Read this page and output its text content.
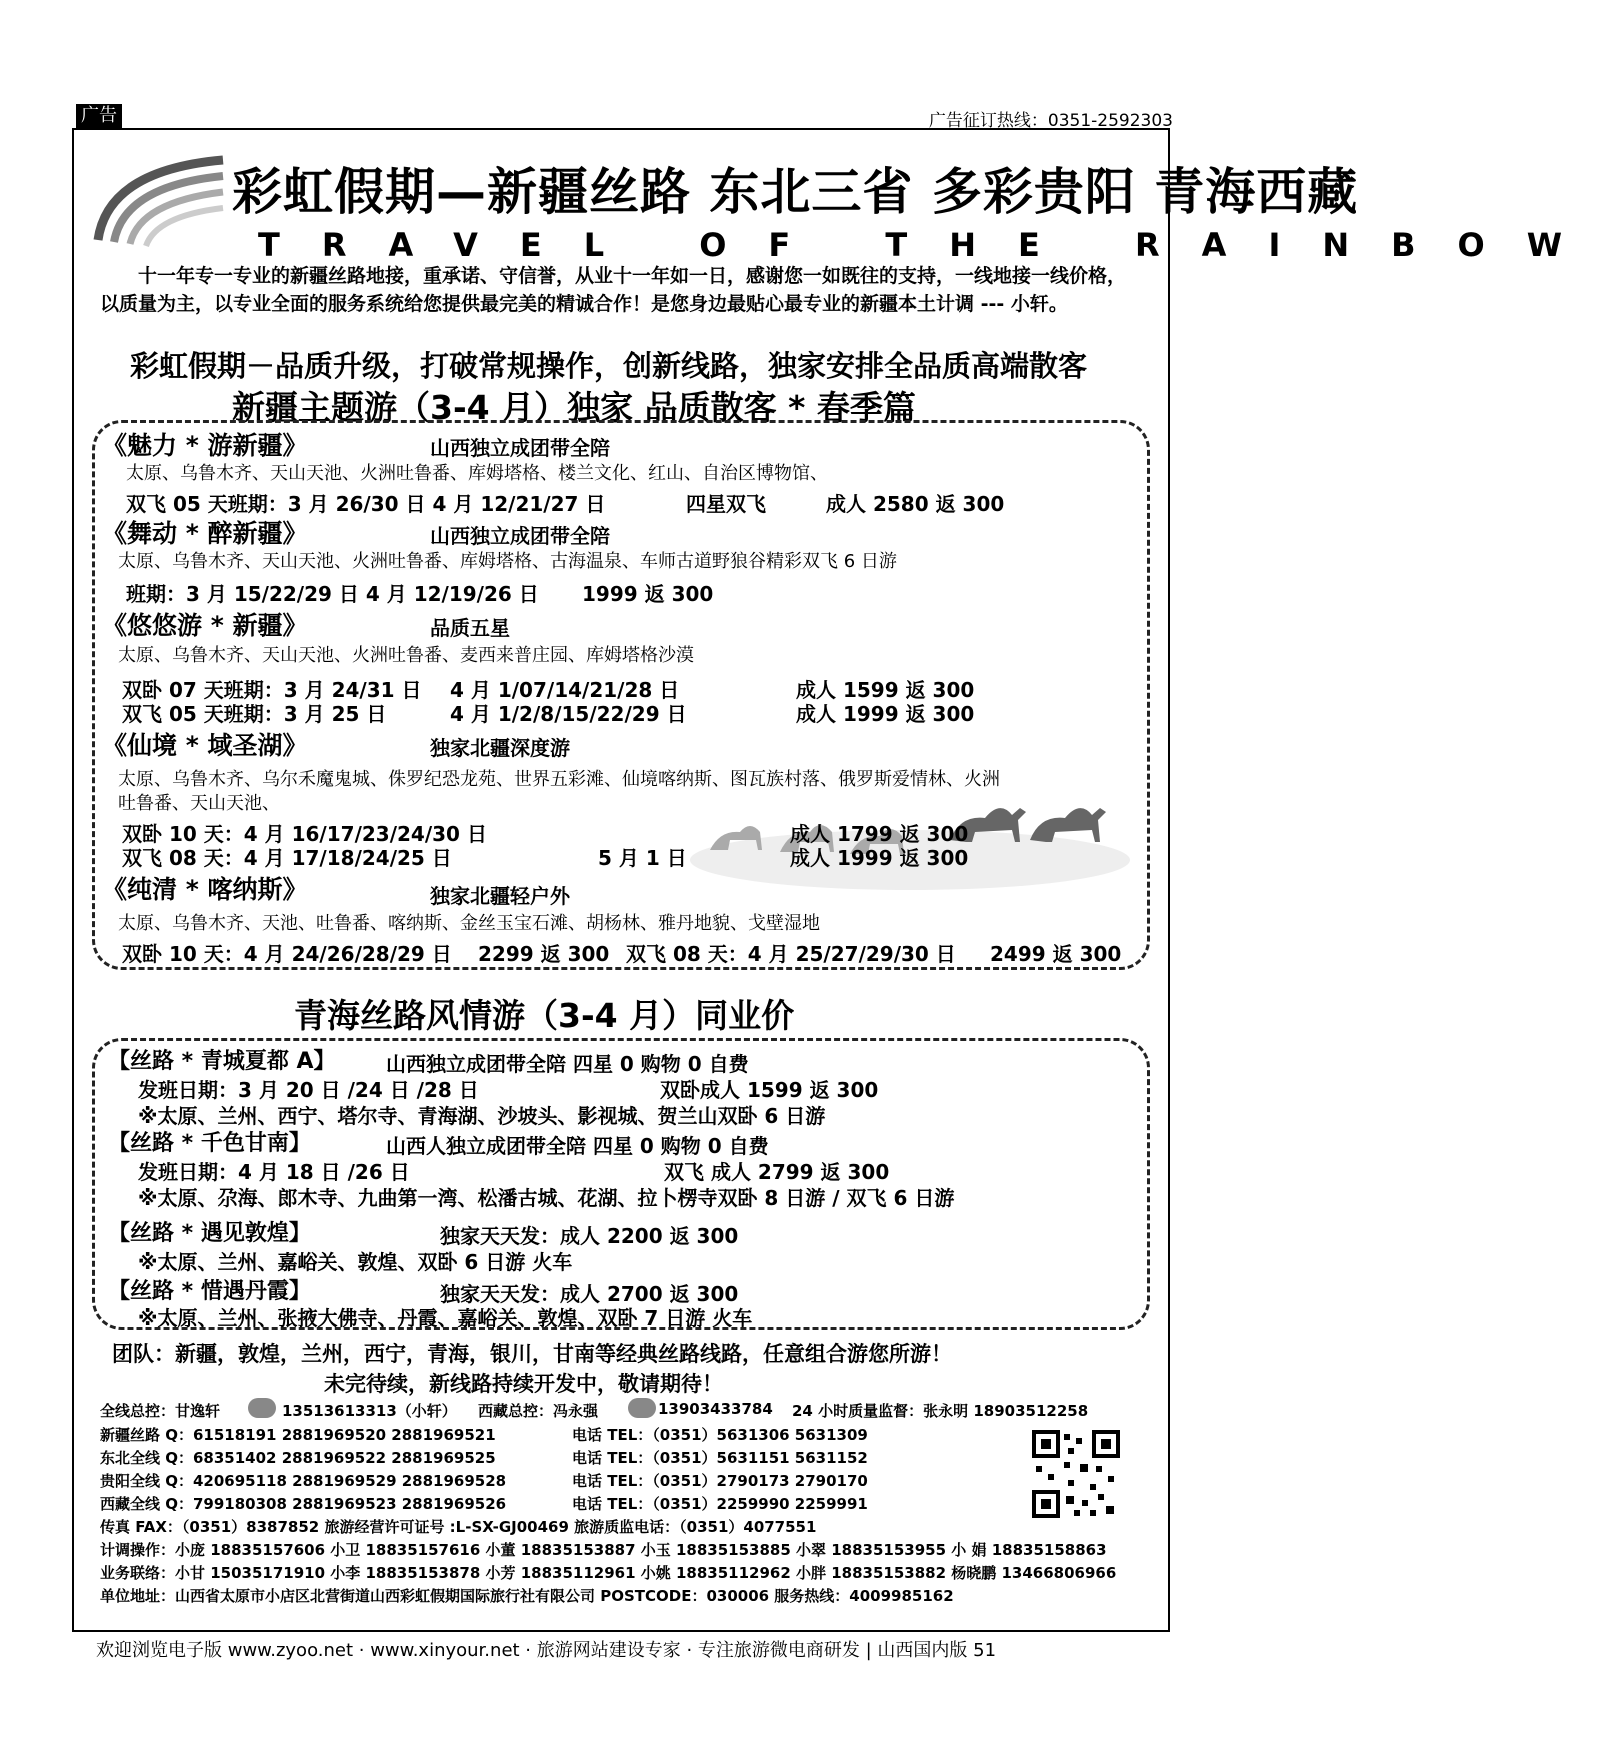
广告	广告征订热线：0351-2592303
彩虹假期—新疆丝路 东北三省 多彩贵阳 青海西藏
TRAVEL OF THE RAINBOW
十一年专一专业的新疆丝路地接，重承诺、守信誉，从业十一年如一日，感谢您一如既往的支持，一线地接一线价格，以质量为主，以专业全面的服务系统给您提供最完美的精诚合作！是您身边最贴心最专业的新疆本土计调 --- 小轩。
彩虹假期－品质升级，打破常规操作，创新线路，独家安排全品质高端散客
新疆主题游（3-4 月）独家 品质散客 * 春季篇
《魅力 * 游新疆》	山西独立成团带全陪
太原、乌鲁木齐、天山天池、火洲吐鲁番、库姆塔格、楼兰文化、红山、自治区博物馆、
双飞 05 天班期：3 月 26/30 日 4 月 12/21/27 日	四星双飞	成人 2580 返 300
《舞动 * 醉新疆》	山西独立成团带全陪
太原、乌鲁木齐、天山天池、火洲吐鲁番、库姆塔格、古海温泉、车师古道野狼谷精彩双飞 6 日游
班期：3 月 15/22/29 日 4 月 12/19/26 日 1999 返 300
《悠悠游 * 新疆》	品质五星
太原、乌鲁木齐、天山天池、火洲吐鲁番、麦西来普庄园、库姆塔格沙漠
双卧 07 天班期：3 月 24/31 日 4 月 1/07/14/21/28 日	成人 1599 返 300
双飞 05 天班期：3 月 25 日	4 月 1/2/8/15/22/29 日	成人 1999 返 300
《仙境 * 域圣湖》	独家北疆深度游
太原、乌鲁木齐、乌尔禾魔鬼城、侏罗纪恐龙苑、世界五彩滩、仙境喀纳斯、图瓦族村落、俄罗斯爱情林、火洲
吐鲁番、天山天池、
双卧 10 天：4 月 16/17/23/24/30 日	成人 1799 返 300
双飞 08 天：4 月 17/18/24/25 日	5 月 1 日	成人 1999 返 300
《纯清 * 喀纳斯》	独家北疆轻户外
太原、乌鲁木齐、天池、吐鲁番、喀纳斯、金丝玉宝石滩、胡杨林、雅丹地貌、戈壁湿地
双卧 10 天：4 月 24/26/28/29 日 2299 返 300 双飞 08 天：4 月 25/27/29/30 日 2499 返 300
青海丝路风情游（3-4 月）同业价
【丝路 * 青城夏都 A】	山西独立成团带全陪 四星 0 购物 0 自费
发班日期：3 月 20 日 /24 日 /28 日	双卧成人 1599 返 300
※太原、兰州、西宁、塔尔寺、青海湖、沙坡头、影视城、贺兰山双卧 6 日游
【丝路 * 千色甘南】	山西人独立成团带全陪 四星 0 购物 0 自费
发班日期：4 月 18 日 /26 日	双飞 成人 2799 返 300
※太原、尕海、郎木寺、九曲第一湾、松潘古城、花湖、拉卜楞寺双卧 8 日游 / 双飞 6 日游
【丝路 * 遇见敦煌】	独家天天发：成人 2200 返 300
※太原、兰州、嘉峪关、敦煌、双卧 6 日游 火车
【丝路 * 惜遇丹霞】	独家天天发：成人 2700 返 300
※太原、兰州、张掖大佛寺、丹霞、嘉峪关、敦煌、双卧 7 日游 火车
团队：新疆，敦煌，兰州，西宁，青海，银川，甘南等经典丝路线路，任意组合游您所游！
未完待续，新线路持续开发中，敬请期待！
全线总控：甘逸轩	13513613313（小轩） 西藏总控：冯永强	13903433784 24 小时质量监督：张永明 18903512258
新疆丝路 Q：61518191 2881969520 2881969521	电话 TEL：（0351）5631306 5631309
东北全线 Q：68351402 2881969522 2881969525	电话 TEL：（0351）5631151 5631152
贵阳全线 Q：420695118 2881969529 2881969528	电话 TEL：（0351）2790173 2790170
西藏全线 Q：799180308 2881969523 2881969526	电话 TEL：（0351）2259990 2259991
传真 FAX：（0351）8387852 旅游经营许可证号 :L-SX-GJ00469 旅游质监电话：（0351）4077551
计调操作：小庞 18835157606 小卫 18835157616 小董 18835153887 小玉 18835153885 小翠 18835153955 小 娟 18835158863
业务联络：小甘 15035171910 小李 18835153878 小芳 18835112961 小姚 18835112962 小胖 18835153882 杨晓鹏 13466806966
单位地址：山西省太原市小店区北营街道山西彩虹假期国际旅行社有限公司 POSTCODE：030006 服务热线：4009985162
欢迎浏览电子版 www.zyoo.net · www.xinyour.net · 旅游网站建设专家 · 专注旅游微电商研发 | 山西国内版 51
